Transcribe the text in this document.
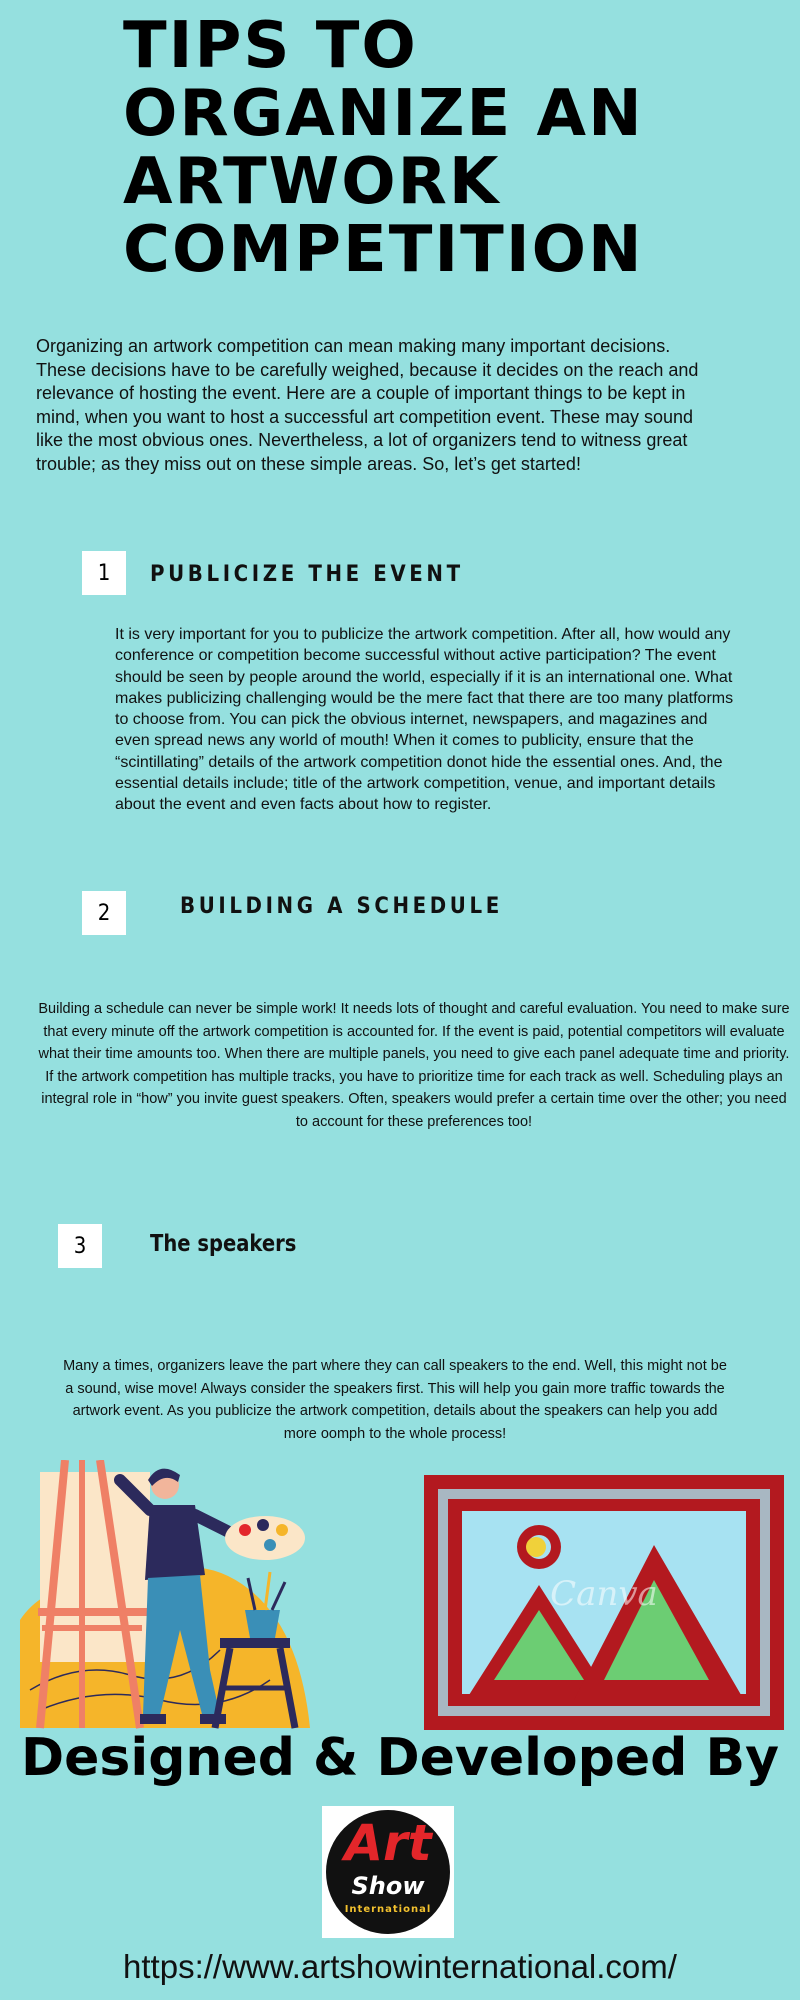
TIPS TO ORGANIZE AN ARTWORK COMPETITION

Organizing an artwork competition can mean making many important decisions. These decisions have to be carefully weighed, because it decides on the reach and relevance of hosting the event. Here are a couple of important things to be kept in mind, when you want to host a successful art competition event. These may sound like the most obvious ones. Nevertheless, a lot of organizers tend to witness great trouble; as they miss out on these simple areas. So, let’s get started!

1	PUBLICIZE THE EVENT

It is very important for you to publicize the artwork competition. After all, how would any conference or competition become successful without active participation? The event should be seen by people around the world, especially if it is an international one. What makes publicizing challenging would be the mere fact that there are too many platforms to choose from. You can pick the obvious internet, newspapers, and magazines and even spread news any world of mouth! When it comes to publicity, ensure that the “scintillating” details of the artwork competition donot hide the essential ones. And, the essential details include; title of the artwork competition, venue, and important details about the event and even facts about how to register.

2	BUILDING A SCHEDULE

Building a schedule can never be simple work! It needs lots of thought and careful evaluation. You need to make sure that every minute off the artwork competition is accounted for. If the event is paid, potential competitors will evaluate what their time amounts too. When there are multiple panels, you need to give each panel adequate time and priority. If the artwork competition has multiple tracks, you have to prioritize time for each track as well. Scheduling plays an integral role in “how” you invite guest speakers. Often, speakers would prefer a certain time over the other; you need to account for these preferences too!

3	The speakers

Many a times, organizers leave the part where they can call speakers to the end. Well, this might not be a sound, wise move! Always consider the speakers first. This will help you gain more traffic towards the artwork event. As you publicize the artwork competition, details about the speakers can help you add more oomph to the whole process!

Canva
Designed & Developed By
Art
Show
International
https://www.artshowinternational.com/
